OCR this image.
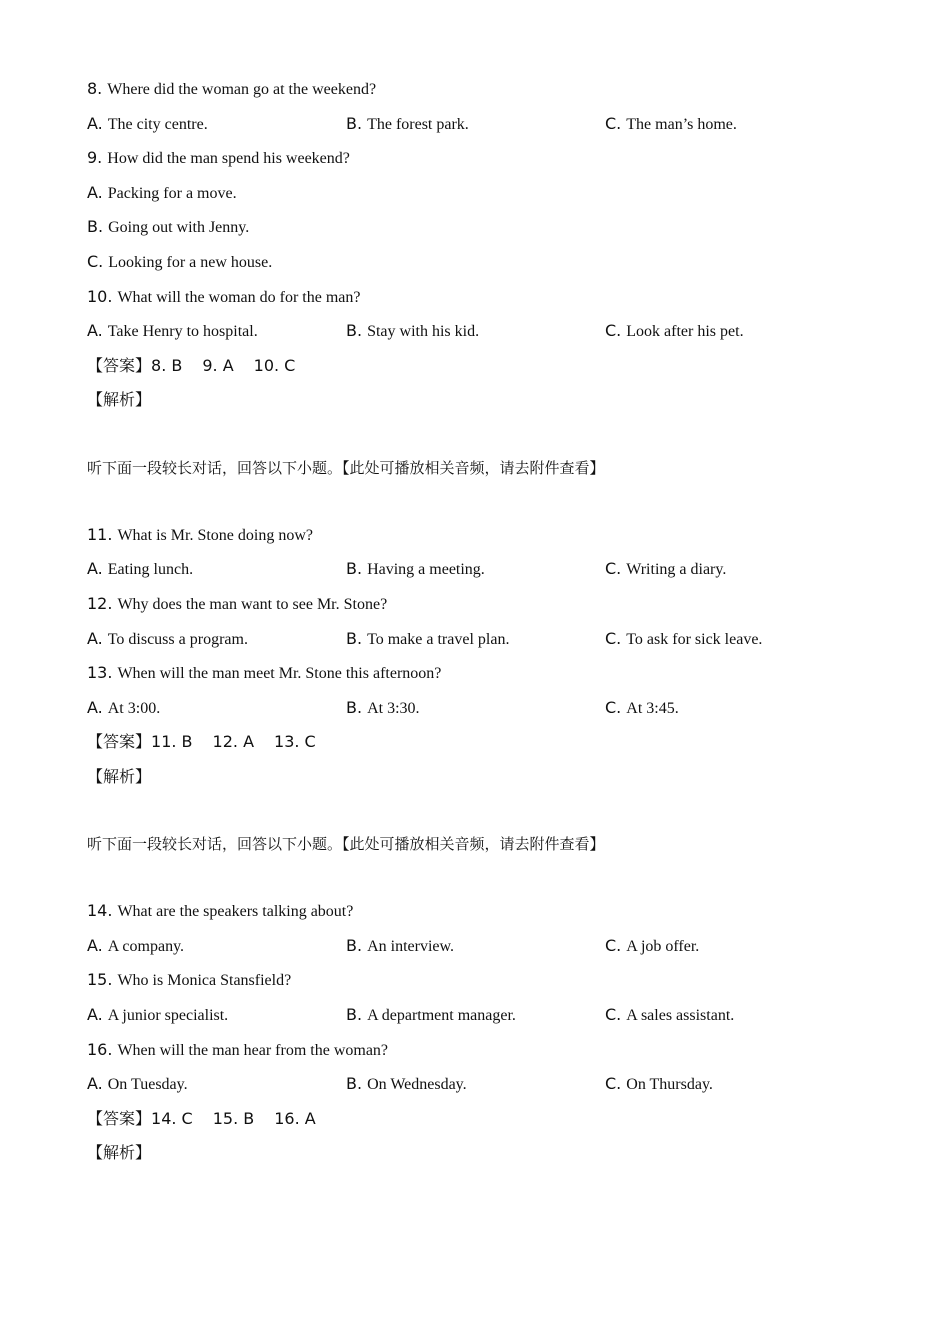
8. Where did the woman go at the weekend?
A. The city centre.	B. The forest park.	C. The man’s home.
9. How did the man spend his weekend?
A. Packing for a move.
B. Going out with Jenny.
C. Looking for a new house.
10. What will the woman do for the man?
A. Take Henry to hospital.	B. Stay with his kid.	C. Look after his pet.
【答案】8. B 9. A 10. C
【解析】
听下面一段较长对话，回答以下小题。【此处可播放相关音频，请去附件查看】
11. What is Mr. Stone doing now?
A. Eating lunch.	B. Having a meeting.	C. Writing a diary.
12. Why does the man want to see Mr. Stone?
A. To discuss a program.	B. To make a travel plan.	C. To ask for sick leave.
13. When will the man meet Mr. Stone this afternoon?
A. At 3:00.	B. At 3:30.	C. At 3:45.
【答案】11. B 12. A 13. C
【解析】
听下面一段较长对话，回答以下小题。【此处可播放相关音频，请去附件查看】
14. What are the speakers talking about?
A. A company.	B. An interview.	C. A job offer.
15. Who is Monica Stansfield?
A. A junior specialist.	B. A department manager.	C. A sales assistant.
16. When will the man hear from the woman?
A. On Tuesday.	B. On Wednesday.	C. On Thursday.
【答案】14. C 15. B 16. A
【解析】
